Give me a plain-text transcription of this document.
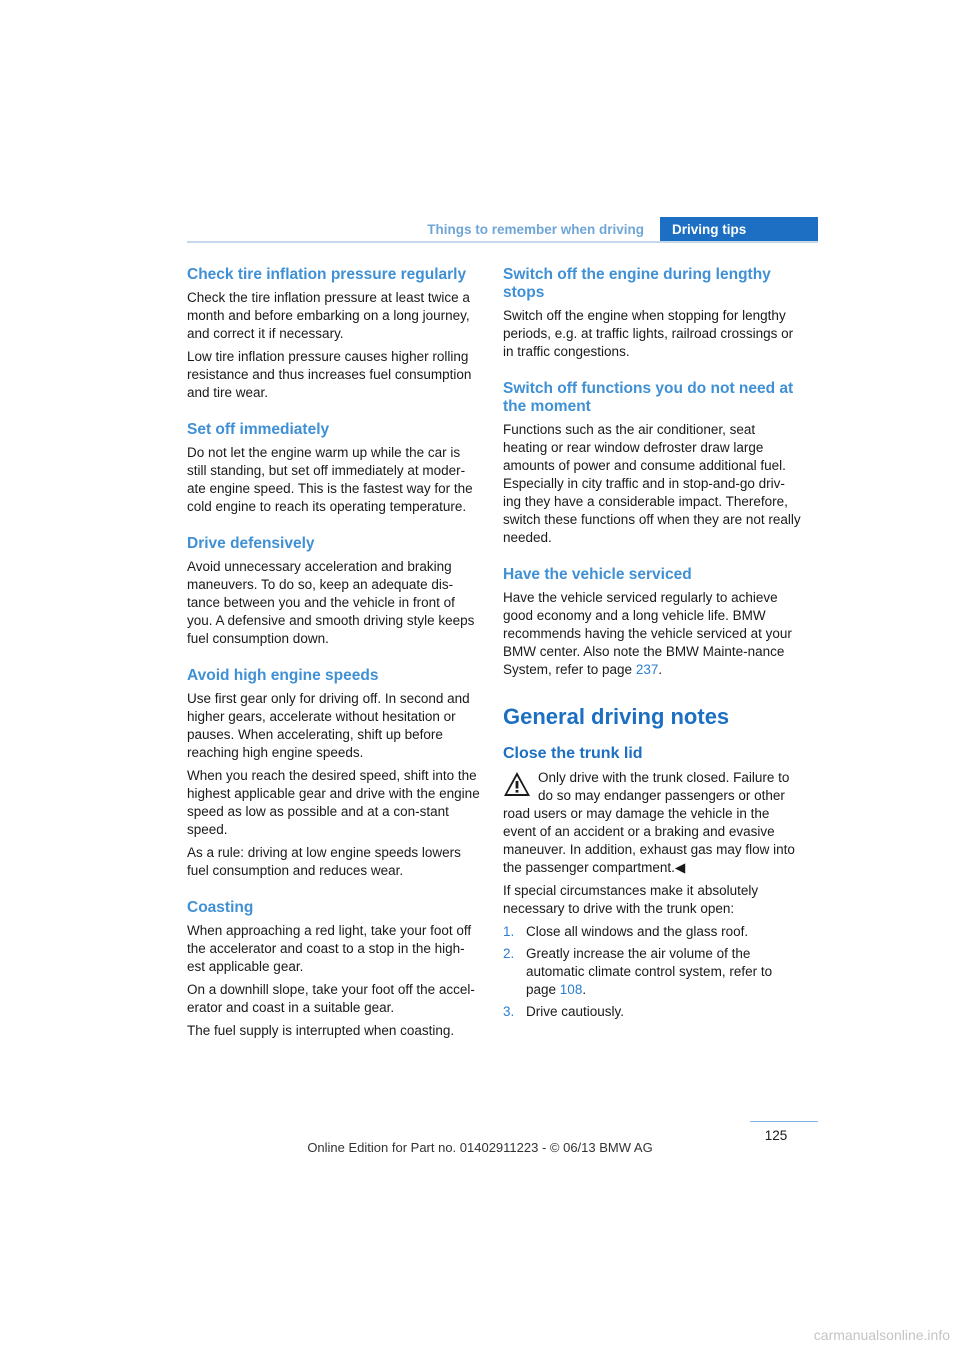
Things to remember when driving	Driving tips
Check tire inflation pressure regularly

Check the tire inflation pressure at least twice a month and before embarking on a long journey, and correct it if necessary.

Low tire inflation pressure causes higher rolling resistance and thus increases fuel consumption and tire wear.

Set off immediately

Do not let the engine warm up while the car is still standing, but set off immediately at moder-ate engine speed. This is the fastest way for the cold engine to reach its operating temperature.

Drive defensively

Avoid unnecessary acceleration and braking maneuvers. To do so, keep an adequate dis-tance between you and the vehicle in front of you. A defensive and smooth driving style keeps fuel consumption down.

Avoid high engine speeds

Use first gear only for driving off. In second and higher gears, accelerate without hesitation or pauses. When accelerating, shift up before reaching high engine speeds.

When you reach the desired speed, shift into the highest applicable gear and drive with the engine speed as low as possible and at a con-stant speed.

As a rule: driving at low engine speeds lowers fuel consumption and reduces wear.

Coasting

When approaching a red light, take your foot off the accelerator and coast to a stop in the high-est applicable gear.

On a downhill slope, take your foot off the accel-erator and coast in a suitable gear.

The fuel supply is interrupted when coasting.

Switch off the engine during lengthy stops

Switch off the engine when stopping for lengthy periods, e.g. at traffic lights, railroad crossings or in traffic congestions.

Switch off functions you do not need at the moment

Functions such as the air conditioner, seat heating or rear window defroster draw large amounts of power and consume additional fuel. Especially in city traffic and in stop-and-go driv-ing they have a considerable impact. Therefore, switch these functions off when they are not really needed.

Have the vehicle serviced

Have the vehicle serviced regularly to achieve good economy and a long vehicle life. BMW recommends having the vehicle serviced at your BMW center. Also note the BMW Mainte-nance System, refer to page 237.

General driving notes
Close the trunk lid

Only drive with the trunk closed. Failure to do so may endanger passengers or other road users or may damage the vehicle in the event of an accident or a braking and evasive maneuver. In addition, exhaust gas may flow into the passenger compartment.◀

If special circumstances make it absolutely necessary to drive with the trunk open:

1. Close all windows and the glass roof.
2. Greatly increase the air volume of the automatic climate control system, refer to page 108.
3. Drive cautiously.
125
Online Edition for Part no. 01402911223 - © 06/13 BMW AG
carmanualsonline.info
